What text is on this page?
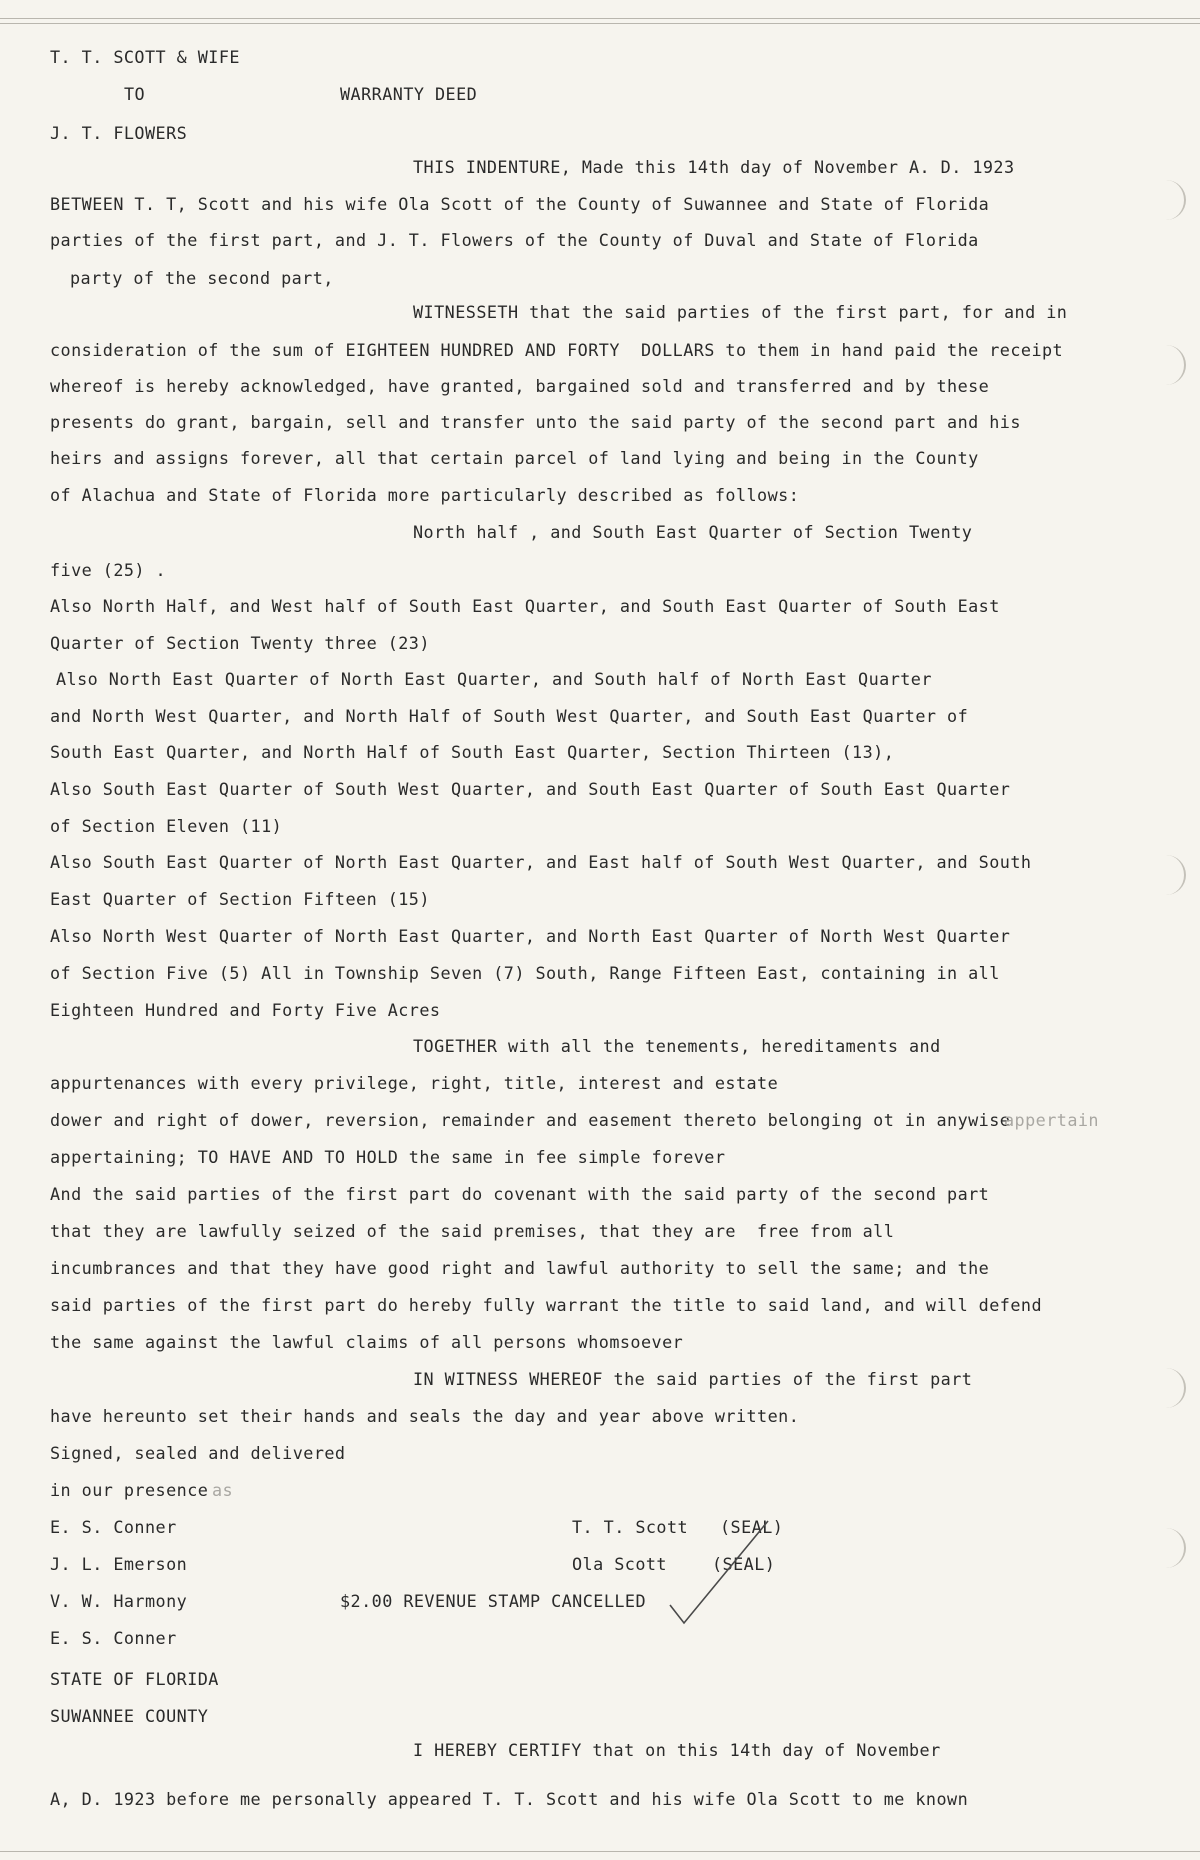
T. T. SCOTT & WIFE
TO	WARRANTY DEED
J. T. FLOWERS
THIS INDENTURE, Made this 14th day of November A. D. 1923
BETWEEN T. T, Scott and his wife Ola Scott of the County of Suwannee and State of Florida
parties of the first part, and J. T. Flowers of the County of Duval and State of Florida
party of the second part,
WITNESSETH that the said parties of the first part, for and in
consideration of the sum of EIGHTEEN HUNDRED AND FORTY  DOLLARS to them in hand paid the receipt
whereof is hereby acknowledged, have granted, bargained sold and transferred and by these
presents do grant, bargain, sell and transfer unto the said party of the second part and his
heirs and assigns forever, all that certain parcel of land lying and being in the County
of Alachua and State of Florida more particularly described as follows:
North half , and South East Quarter of Section Twenty
five (25) .
Also North Half, and West half of South East Quarter, and South East Quarter of South East
Quarter of Section Twenty three (23)
Also North East Quarter of North East Quarter, and South half of North East Quarter
and North West Quarter, and North Half of South West Quarter, and South East Quarter of
South East Quarter, and North Half of South East Quarter, Section Thirteen (13),
Also South East Quarter of South West Quarter, and South East Quarter of South East Quarter
of Section Eleven (11)
Also South East Quarter of North East Quarter, and East half of South West Quarter, and South
East Quarter of Section Fifteen (15)
Also North West Quarter of North East Quarter, and North East Quarter of North West Quarter
of Section Five (5) All in Township Seven (7) South, Range Fifteen East, containing in all
Eighteen Hundred and Forty Five Acres
TOGETHER with all the tenements, hereditaments and
appurtenances with every privilege, right, title, interest and estate
dower and right of dower, reversion, remainder and easement thereto belonging ot in anywise
appertain
appertaining; TO HAVE AND TO HOLD the same in fee simple forever
And the said parties of the first part do covenant with the said party of the second part
that they are lawfully seized of the said premises, that they are  free from all
incumbrances and that they have good right and lawful authority to sell the same; and the
said parties of the first part do hereby fully warrant the title to said land, and will defend
the same against the lawful claims of all persons whomsoever
IN WITNESS WHEREOF the said parties of the first part
have hereunto set their hands and seals the day and year above written.
Signed, sealed and delivered
in our presence as
E. S. Conner
J. L. Emerson
V. W. Harmony
E. S. Conner
T. T. Scott (SEAL)
Ola Scott	(SEAL)
$2.00 REVENUE STAMP CANCELLED
STATE OF FLORIDA
SUWANNEE COUNTY
I HEREBY CERTIFY that on this 14th day of November
A, D. 1923 before me personally appeared T. T. Scott and his wife Ola Scott to me known
